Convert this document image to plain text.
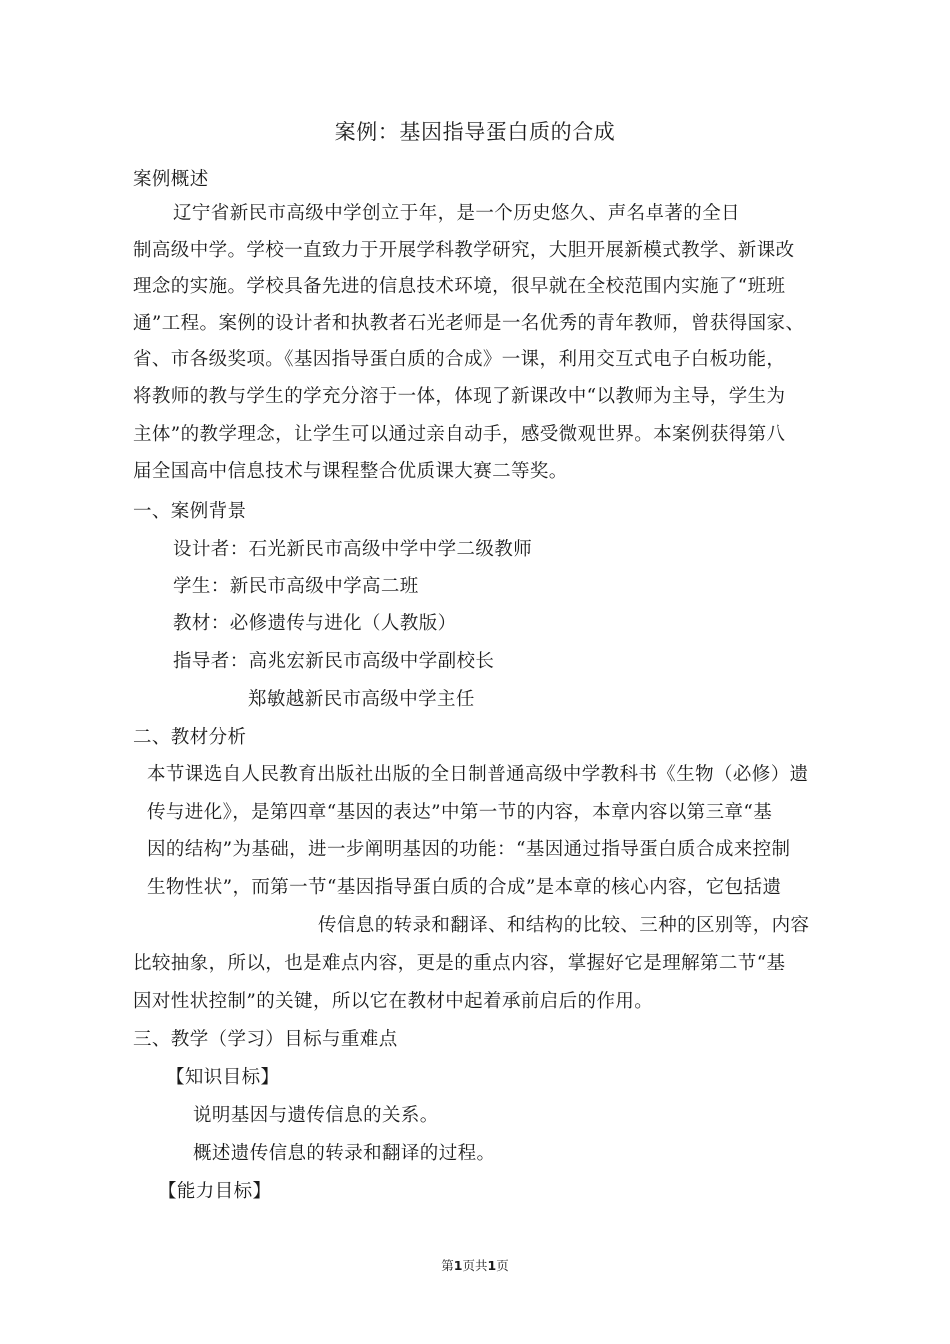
案例：基因指导蛋白质的合成
案例概述
辽宁省新民市高级中学创立于年，是一个历史悠久、声名卓著的全日
制高级中学。学校一直致力于开展学科教学研究，大胆开展新模式教学、新课改
理念的实施。学校具备先进的信息技术环境，很早就在全校范围内实施了“班班
通”工程。案例的设计者和执教者石光老师是一名优秀的青年教师，曾获得国家、
省、市各级奖项。《基因指导蛋白质的合成》一课，利用交互式电子白板功能，
将教师的教与学生的学充分溶于一体，体现了新课改中“以教师为主导，学生为
主体”的教学理念，让学生可以通过亲自动手，感受微观世界。本案例获得第八
届全国高中信息技术与课程整合优质课大赛二等奖。
一、案例背景
设计者：石光新民市高级中学中学二级教师
学生：新民市高级中学高二班
教材：必修遗传与进化（人教版）
指导者：高兆宏新民市高级中学副校长
郑敏越新民市高级中学主任
二、教材分析
本节课选自人民教育出版社出版的全日制普通高级中学教科书《生物（必修）遗
传与进化》，是第四章“基因的表达”中第一节的内容，本章内容以第三章“基
因的结构”为基础，进一步阐明基因的功能：“基因通过指导蛋白质合成来控制
生物性状”，而第一节“基因指导蛋白质的合成”是本章的核心内容，它包括遗
传信息的转录和翻译、和结构的比较、三种的区别等，内容
比较抽象，所以，也是难点内容，更是的重点内容，掌握好它是理解第二节“基
因对性状控制”的关键，所以它在教材中起着承前启后的作用。
三、教学（学习）目标与重难点
【知识目标】
说明基因与遗传信息的关系。
概述遗传信息的转录和翻译的过程。
【能力目标】
第1页共1页
